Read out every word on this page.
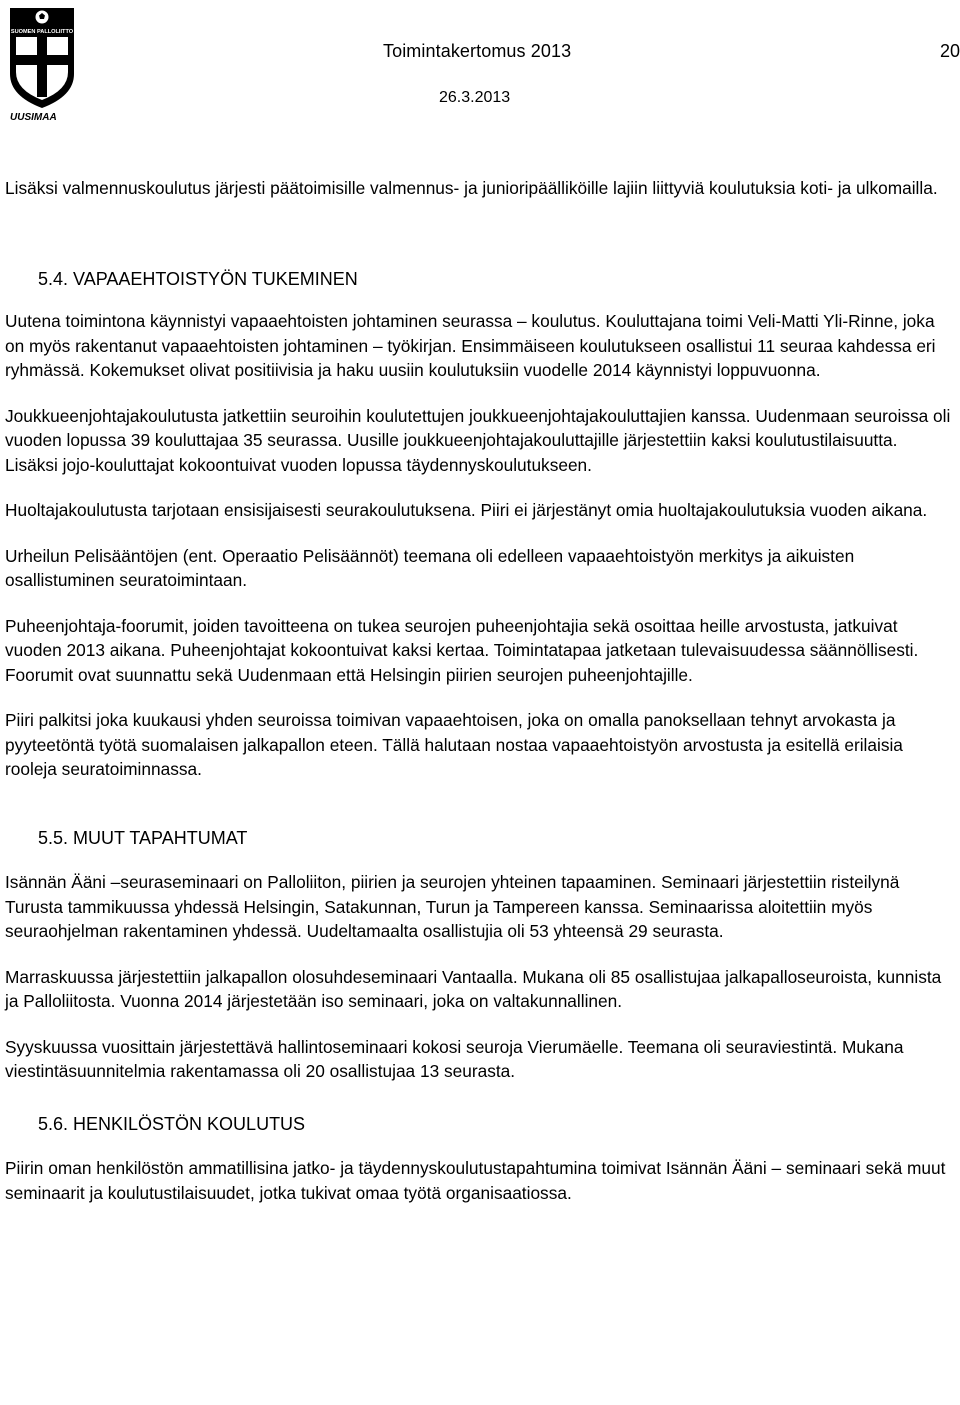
SUOMEN PALLOLIITTO
UUSIMAA
Toimintakertomus 2013	20
26.3.2013

Lisäksi valmennuskoulutus järjesti päätoimisille valmennus- ja junioripäälliköille lajiin liittyviä koulutuksia koti- ja ulkomailla.

5.4. VAPAAEHTOISTYÖN TUKEMINEN

Uutena toimintona käynnistyi vapaaehtoisten johtaminen seurassa – koulutus. Kouluttajana toimi Veli-Matti Yli-Rinne, joka on myös rakentanut vapaaehtoisten johtaminen – työkirjan. Ensimmäiseen koulutukseen osallistui 11 seuraa kahdessa eri ryhmässä. Kokemukset olivat positiivisia ja haku uusiin koulutuksiin vuodelle 2014 käynnistyi loppuvuonna.

Joukkueenjohtajakoulutusta jatkettiin seuroihin koulutettujen joukkueenjohtajakouluttajien kanssa. Uudenmaan seuroissa oli vuoden lopussa 39 kouluttajaa 35 seurassa. Uusille joukkueenjohtajakouluttajille järjestettiin kaksi koulutustilaisuutta. Lisäksi jojo-kouluttajat kokoontuivat vuoden lopussa täydennyskoulutukseen.

Huoltajakoulutusta tarjotaan ensisijaisesti seurakoulutuksena. Piiri ei järjestänyt omia huoltajakoulutuksia vuoden aikana.

Urheilun Pelisääntöjen (ent. Operaatio Pelisäännöt) teemana oli edelleen vapaaehtoistyön merkitys ja aikuisten osallistuminen seuratoimintaan.

Puheenjohtaja-foorumit, joiden tavoitteena on tukea seurojen puheenjohtajia sekä osoittaa heille arvostusta, jatkuivat vuoden 2013 aikana. Puheenjohtajat kokoontuivat kaksi kertaa. Toimintatapaa jatketaan tulevaisuudessa säännöllisesti. Foorumit ovat suunnattu sekä Uudenmaan että Helsingin piirien seurojen puheenjohtajille.

Piiri palkitsi joka kuukausi yhden seuroissa toimivan vapaaehtoisen, joka on omalla panoksellaan tehnyt arvokasta ja pyyteetöntä työtä suomalaisen jalkapallon eteen. Tällä halutaan nostaa vapaaehtoistyön arvostusta ja esitellä erilaisia rooleja seuratoiminnassa.

5.5. MUUT TAPAHTUMAT

Isännän Ääni –seuraseminaari on Palloliiton, piirien ja seurojen yhteinen tapaaminen. Seminaari järjestettiin risteilynä Turusta tammikuussa yhdessä Helsingin, Satakunnan, Turun ja Tampereen kanssa. Seminaarissa aloitettiin myös seuraohjelman rakentaminen yhdessä. Uudeltamaalta osallistujia oli 53 yhteensä 29 seurasta.

Marraskuussa järjestettiin jalkapallon olosuhdeseminaari Vantaalla. Mukana oli 85 osallistujaa jalkapalloseuroista, kunnista ja Palloliitosta. Vuonna 2014 järjestetään iso seminaari, joka on valtakunnallinen.

Syyskuussa vuosittain järjestettävä hallintoseminaari kokosi seuroja Vierumäelle. Teemana oli seuraviestintä. Mukana viestintäsuunnitelmia rakentamassa oli 20 osallistujaa 13 seurasta.

5.6. HENKILÖSTÖN KOULUTUS

Piirin oman henkilöstön ammatillisina jatko- ja täydennyskoulutustapahtumina toimivat Isännän Ääni – seminaari sekä muut seminaarit ja koulutustilaisuudet, jotka tukivat omaa työtä organisaatiossa.
